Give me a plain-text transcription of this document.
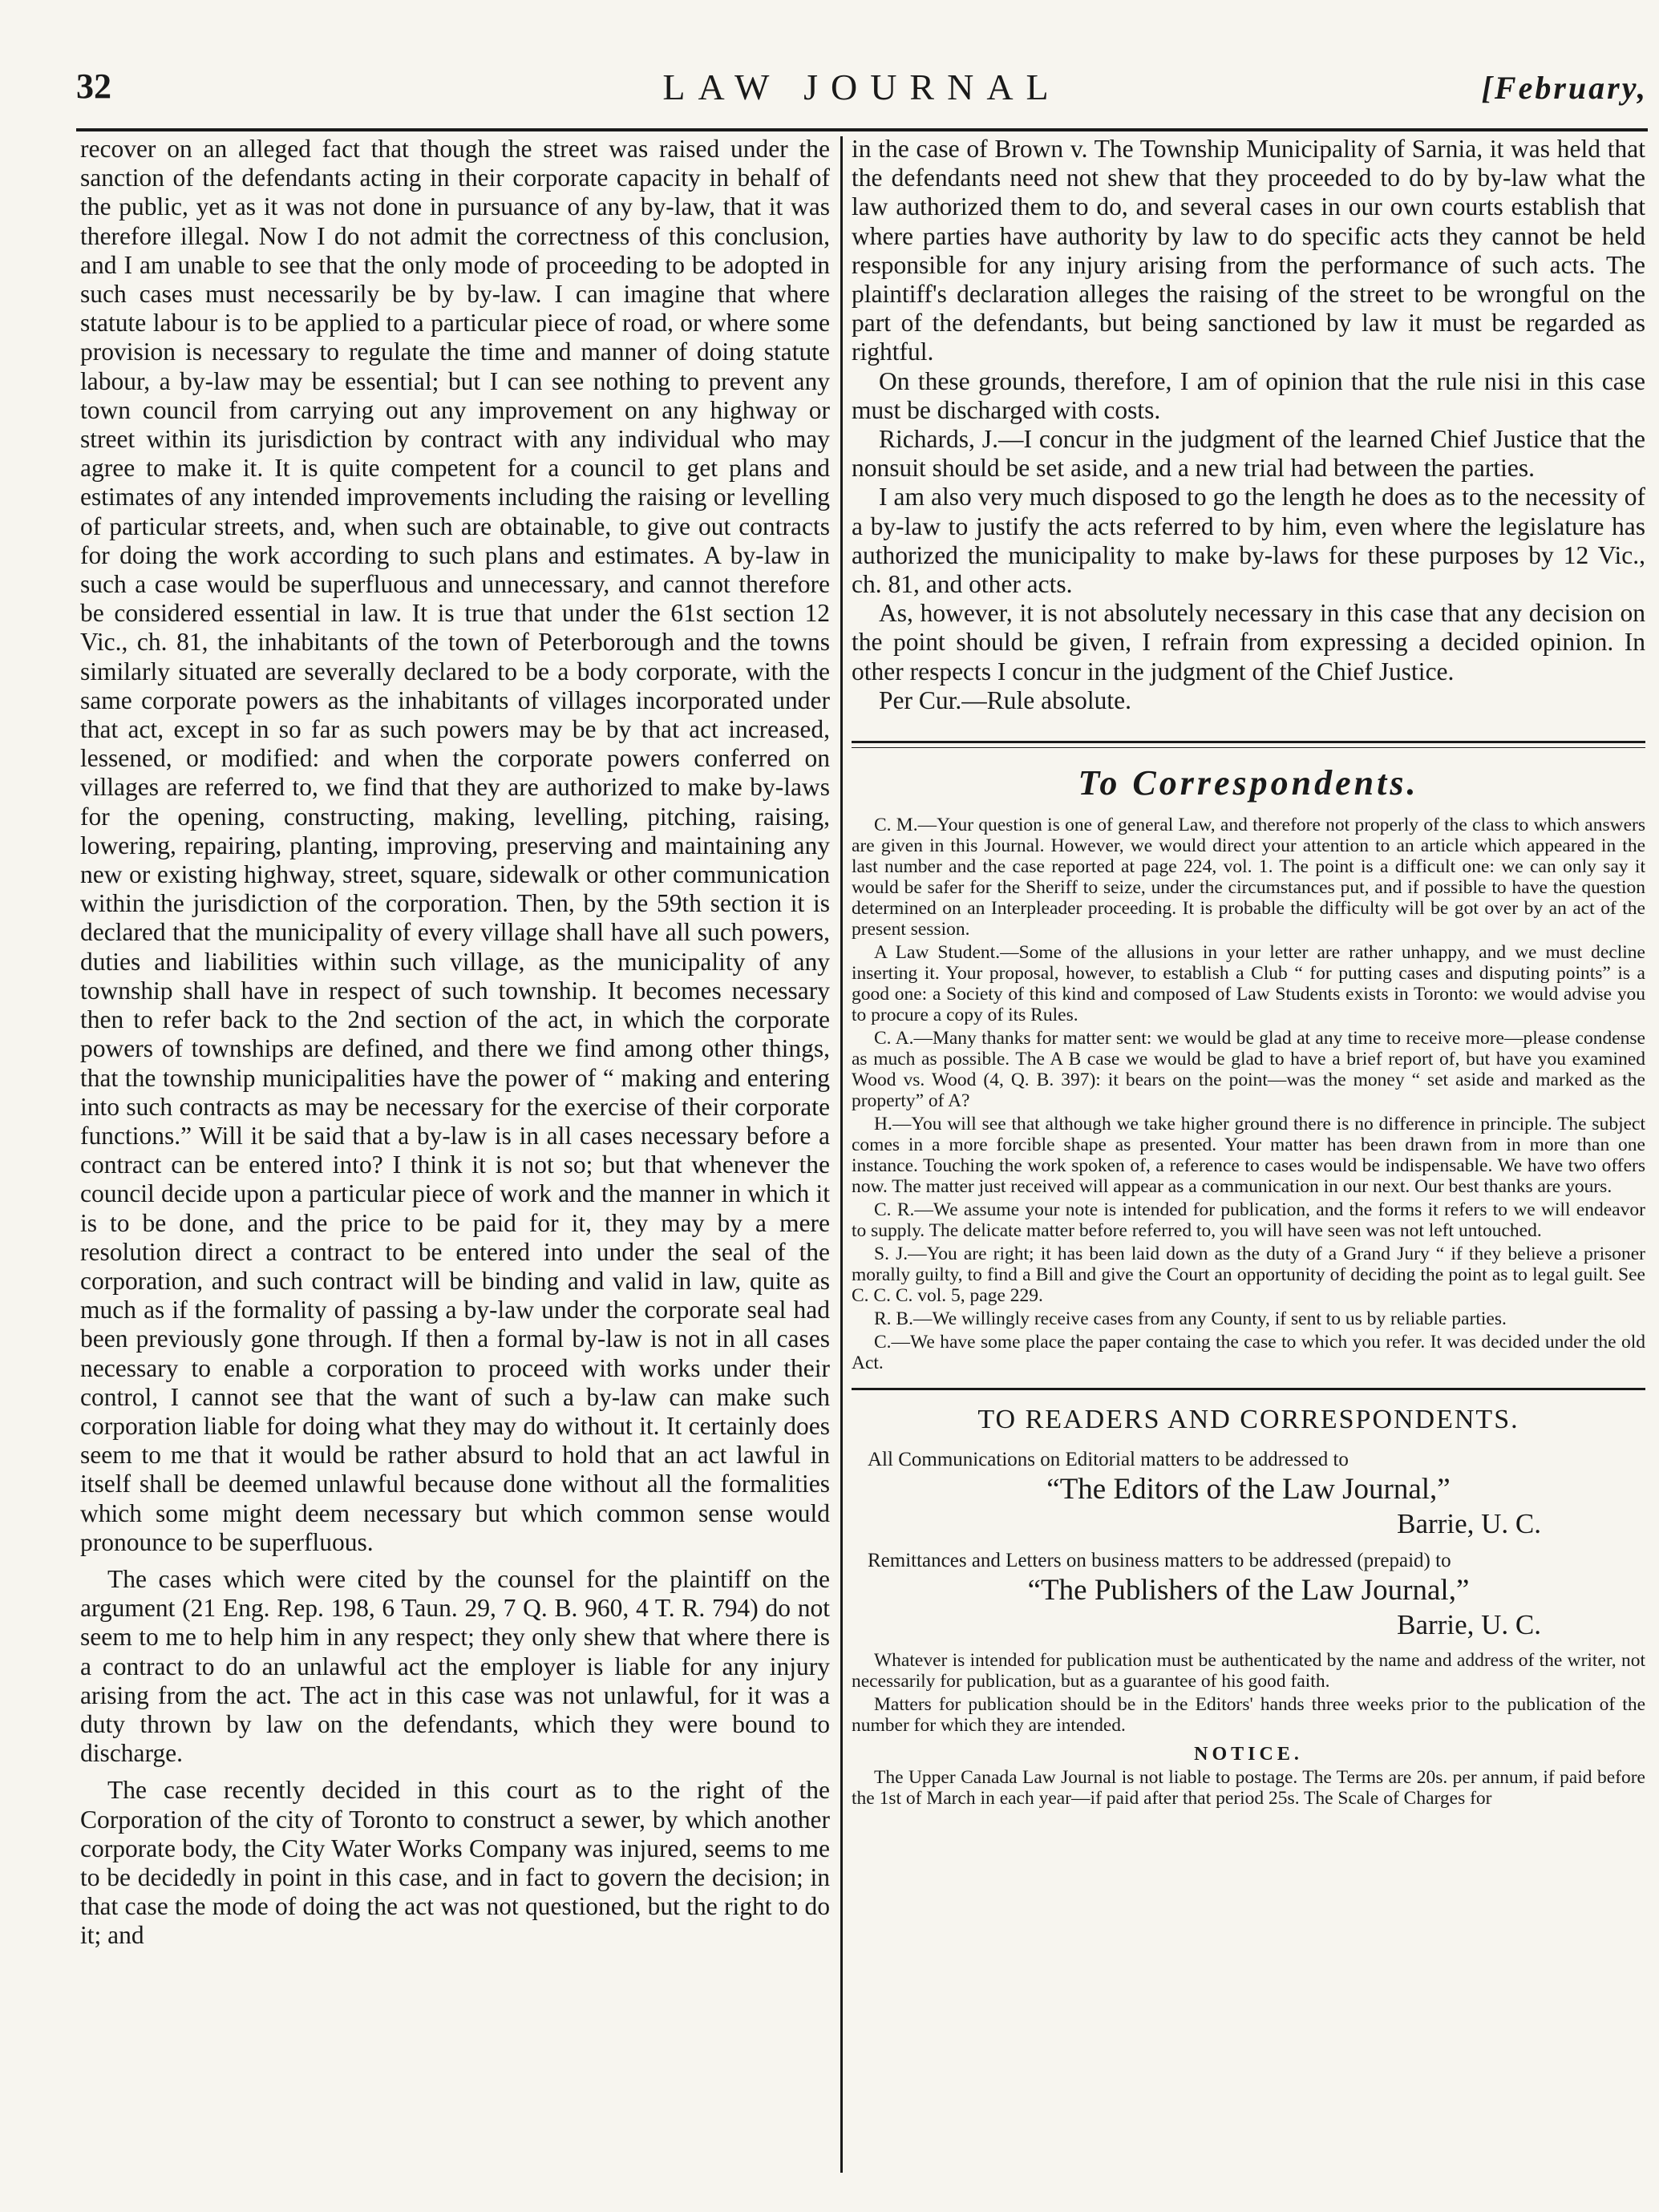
LAW JOURNAL
32	[February,

recover on an alleged fact that though the street was raised under the sanction of the defendants acting in their corporate capacity in behalf of the public, yet as it was not done in pursuance of any by-law, that it was therefore illegal. Now I do not admit the correctness of this conclusion, and I am unable to see that the only mode of proceeding to be adopted in such cases must necessarily be by by-law. I can imagine that where statute labour is to be applied to a particular piece of road, or where some provision is necessary to regulate the time and manner of doing statute labour, a by-law may be essential; but I can see nothing to prevent any town council from carrying out any improvement on any highway or street within its jurisdiction by contract with any individual who may agree to make it. It is quite competent for a council to get plans and estimates of any intended improvements including the raising or levelling of particular streets, and, when such are obtainable, to give out contracts for doing the work according to such plans and estimates. A by-law in such a case would be superfluous and unnecessary, and cannot therefore be considered essential in law. It is true that under the 61st section 12 Vic., ch. 81, the inhabitants of the town of Peterborough and the towns similarly situated are severally declared to be a body corporate, with the same corporate powers as the inhabitants of villages incorporated under that act, except in so far as such powers may be by that act increased, lessened, or modified: and when the corporate powers conferred on villages are referred to, we find that they are authorized to make by-laws for the opening, constructing, making, levelling, pitching, raising, lowering, repairing, planting, improving, preserving and maintaining any new or existing highway, street, square, sidewalk or other communication within the jurisdiction of the corporation. Then, by the 59th section it is declared that the municipality of every village shall have all such powers, duties and liabilities within such village, as the municipality of any township shall have in respect of such township. It becomes necessary then to refer back to the 2nd section of the act, in which the corporate powers of townships are defined, and there we find among other things, that the township municipalities have the power of “ making and entering into such contracts as may be necessary for the exercise of their corporate functions.” Will it be said that a by-law is in all cases necessary before a contract can be entered into? I think it is not so; but that whenever the council decide upon a particular piece of work and the manner in which it is to be done, and the price to be paid for it, they may by a mere resolution direct a contract to be entered into under the seal of the corporation, and such contract will be binding and valid in law, quite as much as if the formality of passing a by-law under the corporate seal had been previously gone through. If then a formal by-law is not in all cases necessary to enable a corporation to proceed with works under their control, I cannot see that the want of such a by-law can make such corporation liable for doing what they may do without it. It certainly does seem to me that it would be rather absurd to hold that an act lawful in itself shall be deemed unlawful because done without all the formalities which some might deem necessary but which common sense would pronounce to be superfluous.

The cases which were cited by the counsel for the plaintiff on the argument (21 Eng. Rep. 198, 6 Taun. 29, 7 Q. B. 960, 4 T. R. 794) do not seem to me to help him in any respect; they only shew that where there is a contract to do an unlawful act the employer is liable for any injury arising from the act. The act in this case was not unlawful, for it was a duty thrown by law on the defendants, which they were bound to discharge.

The case recently decided in this court as to the right of the Corporation of the city of Toronto to construct a sewer, by which another corporate body, the City Water Works Company was injured, seems to me to be decidedly in point in this case, and in fact to govern the decision; in that case the mode of doing the act was not questioned, but the right to do it; and

in the case of Brown v. The Township Municipality of Sarnia, it was held that the defendants need not shew that they proceeded to do by by-law what the law authorized them to do, and several cases in our own courts establish that where parties have authority by law to do specific acts they cannot be held responsible for any injury arising from the performance of such acts. The plaintiff's declaration alleges the raising of the street to be wrongful on the part of the defendants, but being sanctioned by law it must be regarded as rightful.

On these grounds, therefore, I am of opinion that the rule nisi in this case must be discharged with costs.

Richards, J.—I concur in the judgment of the learned Chief Justice that the nonsuit should be set aside, and a new trial had between the parties.

I am also very much disposed to go the length he does as to the necessity of a by-law to justify the acts referred to by him, even where the legislature has authorized the municipality to make by-laws for these purposes by 12 Vic., ch. 81, and other acts.

As, however, it is not absolutely necessary in this case that any decision on the point should be given, I refrain from expressing a decided opinion. In other respects I concur in the judgment of the Chief Justice.

Per Cur.—Rule absolute.

To Correspondents.

C. M.—Your question is one of general Law, and therefore not properly of the class to which answers are given in this Journal. However, we would direct your attention to an article which appeared in the last number and the case reported at page 224, vol. 1. The point is a difficult one: we can only say it would be safer for the Sheriff to seize, under the circumstances put, and if possible to have the question determined on an Interpleader proceeding. It is probable the difficulty will be got over by an act of the present session.

A Law Student.—Some of the allusions in your letter are rather unhappy, and we must decline inserting it. Your proposal, however, to establish a Club “ for putting cases and disputing points” is a good one: a Society of this kind and composed of Law Students exists in Toronto: we would advise you to procure a copy of its Rules.

C. A.—Many thanks for matter sent: we would be glad at any time to receive more—please condense as much as possible. The A B case we would be glad to have a brief report of, but have you examined Wood vs. Wood (4, Q. B. 397): it bears on the point—was the money “ set aside and marked as the property” of A?

H.—You will see that although we take higher ground there is no difference in principle. The subject comes in a more forcible shape as presented. Your matter has been drawn from in more than one instance. Touching the work spoken of, a reference to cases would be indispensable. We have two offers now. The matter just received will appear as a communication in our next. Our best thanks are yours.

C. R.—We assume your note is intended for publication, and the forms it refers to we will endeavor to supply. The delicate matter before referred to, you will have seen was not left untouched.

S. J.—You are right; it has been laid down as the duty of a Grand Jury “ if they believe a prisoner morally guilty, to find a Bill and give the Court an opportunity of deciding the point as to legal guilt. See C. C. C. vol. 5, page 229.

R. B.—We willingly receive cases from any County, if sent to us by reliable parties.

C.—We have some place the paper containg the case to which you refer. It was decided under the old Act.

TO READERS AND CORRESPONDENTS.
All Communications on Editorial matters to be addressed to
“The Editors of the Law Journal,”
Barrie, U. C.
Remittances and Letters on business matters to be addressed (prepaid) to
“The Publishers of the Law Journal,”
Barrie, U. C.

Whatever is intended for publication must be authenticated by the name and address of the writer, not necessarily for publication, but as a guarantee of his good faith.

Matters for publication should be in the Editors' hands three weeks prior to the publication of the number for which they are intended.

NOTICE.

The Upper Canada Law Journal is not liable to postage. The Terms are 20s. per annum, if paid before the 1st of March in each year—if paid after that period 25s. The Scale of Charges for
